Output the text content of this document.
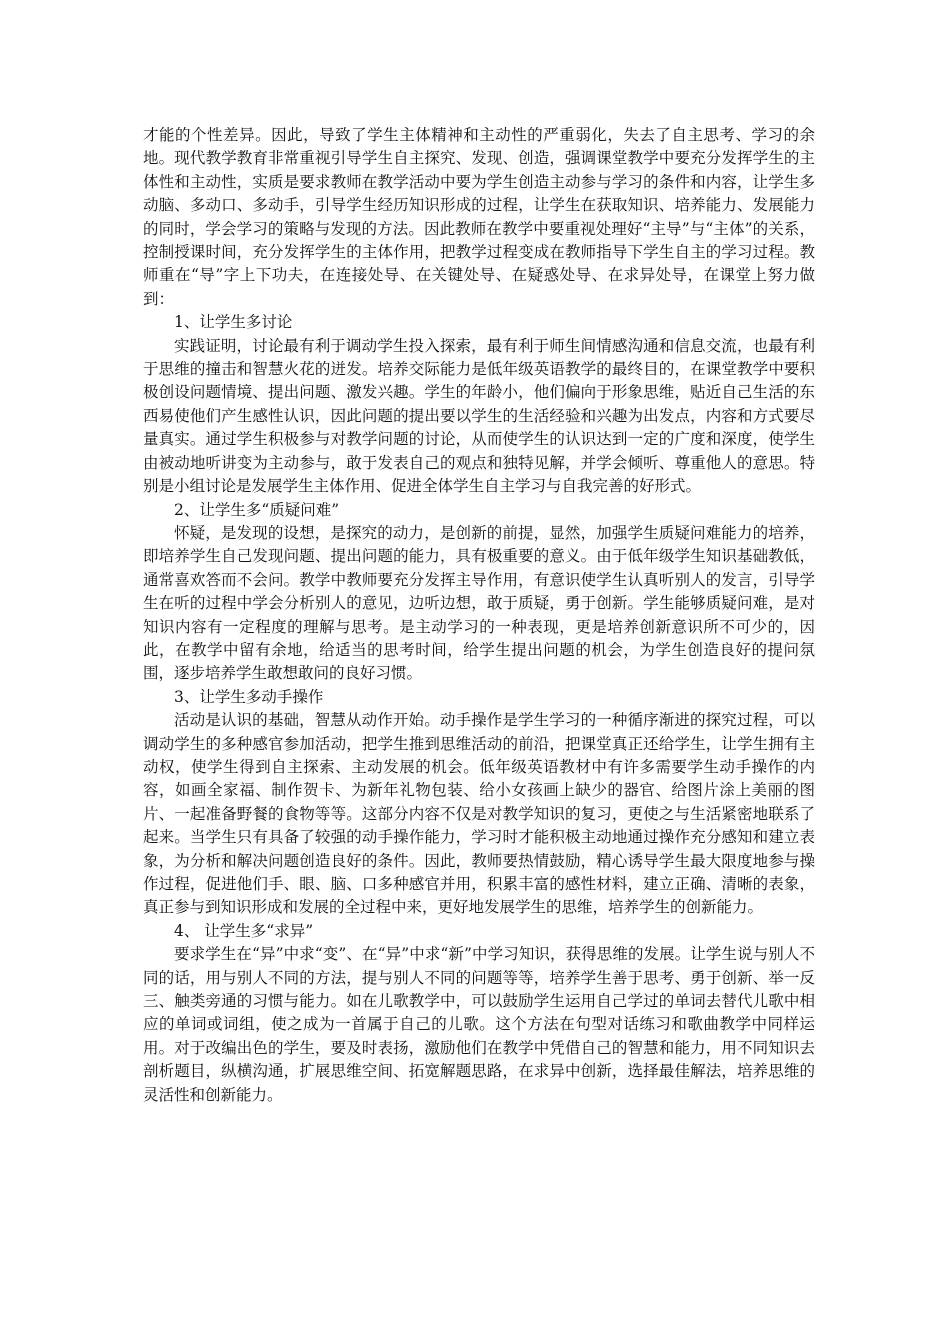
才能的个性差异。因此，导致了学生主体精神和主动性的严重弱化，失去了自主思考、学习的余地。现代教学教育非常重视引导学生自主探究、发现、创造，强调课堂教学中要充分发挥学生的主体性和主动性，实质是要求教师在教学活动中要为学生创造主动参与学习的条件和内容，让学生多动脑、多动口、多动手，引导学生经历知识形成的过程，让学生在获取知识、培养能力、发展能力的同时，学会学习的策略与发现的方法。因此教师在教学中要重视处理好“主导”与“主体”的关系，控制授课时间，充分发挥学生的主体作用，把教学过程变成在教师指导下学生自主的学习过程。教师重在“导”字上下功夫，在连接处导、在关键处导、在疑惑处导、在求异处导，在课堂上努力做到：

1、让学生多讨论

实践证明，讨论最有利于调动学生投入探索，最有利于师生间情感沟通和信息交流，也最有利于思维的撞击和智慧火花的迸发。培养交际能力是低年级英语教学的最终目的，在课堂教学中要积极创设问题情境、提出问题、激发兴趣。学生的年龄小，他们偏向于形象思维，贴近自己生活的东西易使他们产生感性认识，因此问题的提出要以学生的生活经验和兴趣为出发点，内容和方式要尽量真实。通过学生积极参与对教学问题的讨论，从而使学生的认识达到一定的广度和深度，使学生由被动地听讲变为主动参与，敢于发表自己的观点和独特见解，并学会倾听、尊重他人的意思。特别是小组讨论是发展学生主体作用、促进全体学生自主学习与自我完善的好形式。

2、让学生多“质疑问难”

怀疑，是发现的设想，是探究的动力，是创新的前提，显然，加强学生质疑问难能力的培养，即培养学生自己发现问题、提出问题的能力，具有极重要的意义。由于低年级学生知识基础教低，通常喜欢答而不会问。教学中教师要充分发挥主导作用，有意识使学生认真听别人的发言，引导学生在听的过程中学会分析别人的意见，边听边想，敢于质疑，勇于创新。学生能够质疑问难，是对知识内容有一定程度的理解与思考。是主动学习的一种表现，更是培养创新意识所不可少的，因此，在教学中留有余地，给适当的思考时间，给学生提出问题的机会，为学生创造良好的提问氛围，逐步培养学生敢想敢问的良好习惯。

3、让学生多动手操作

活动是认识的基础，智慧从动作开始。动手操作是学生学习的一种循序渐进的探究过程，可以调动学生的多种感官参加活动，把学生推到思维活动的前沿，把课堂真正还给学生，让学生拥有主动权，使学生得到自主探索、主动发展的机会。低年级英语教材中有许多需要学生动手操作的内容，如画全家福、制作贺卡、为新年礼物包装、给小女孩画上缺少的器官、给图片涂上美丽的图片、一起准备野餐的食物等等。这部分内容不仅是对教学知识的复习，更使之与生活紧密地联系了起来。当学生只有具备了较强的动手操作能力，学习时才能积极主动地通过操作充分感知和建立表象，为分析和解决问题创造良好的条件。因此，教师要热情鼓励，精心诱导学生最大限度地参与操作过程，促进他们手、眼、脑、口多种感官并用，积累丰富的感性材料，建立正确、清晰的表象，真正参与到知识形成和发展的全过程中来，更好地发展学生的思维，培养学生的创新能力。

4、 让学生多“求异”

要求学生在“异”中求“变”、在“异”中求“新”中学习知识，获得思维的发展。让学生说与别人不同的话，用与别人不同的方法，提与别人不同的问题等等，培养学生善于思考、勇于创新、举一反三、触类旁通的习惯与能力。如在儿歌教学中，可以鼓励学生运用自己学过的单词去替代儿歌中相应的单词或词组，使之成为一首属于自己的儿歌。这个方法在句型对话练习和歌曲教学中同样运用。对于改编出色的学生，要及时表扬，激励他们在教学中凭借自己的智慧和能力，用不同知识去剖析题目，纵横沟通，扩展思维空间、拓宽解题思路，在求异中创新，选择最佳解法，培养思维的灵活性和创新能力。
